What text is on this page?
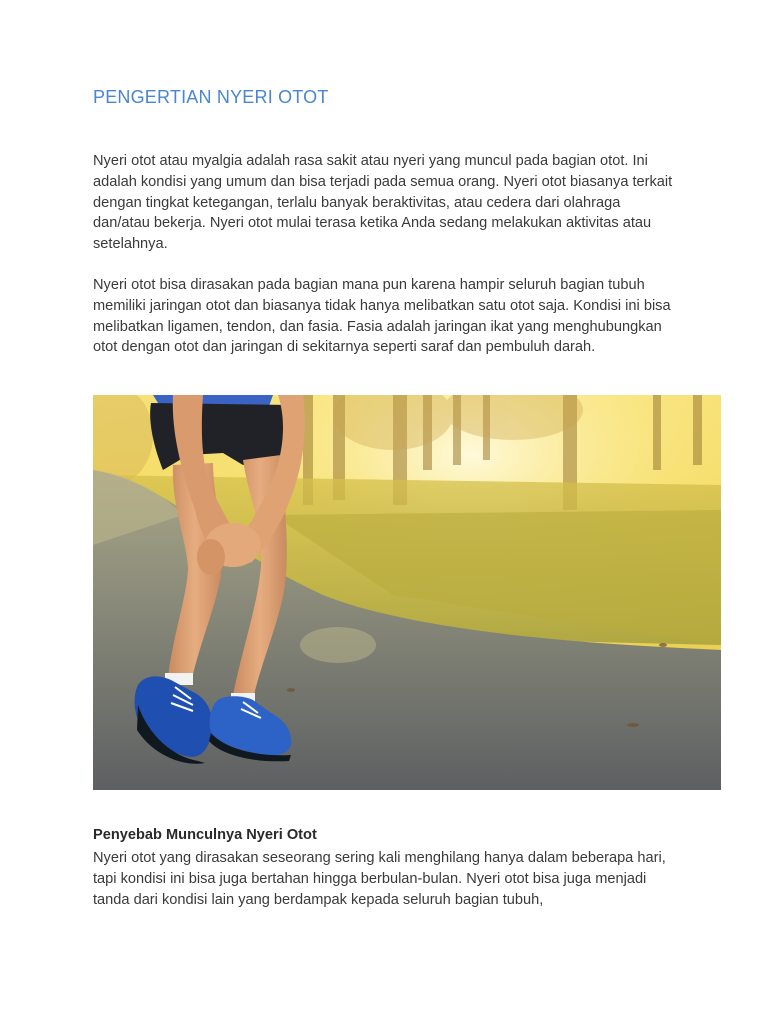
PENGERTIAN NYERI OTOT

Nyeri otot atau myalgia adalah rasa sakit atau nyeri yang muncul pada bagian otot. Ini adalah kondisi yang umum dan bisa terjadi pada semua orang. Nyeri otot biasanya terkait dengan tingkat ketegangan, terlalu banyak beraktivitas, atau cedera dari olahraga dan/atau bekerja. Nyeri otot mulai terasa ketika Anda sedang melakukan aktivitas atau setelahnya.

Nyeri otot bisa dirasakan pada bagian mana pun karena hampir seluruh bagian tubuh memiliki jaringan otot dan biasanya tidak hanya melibatkan satu otot saja. Kondisi ini bisa melibatkan ligamen, tendon, dan fasia. Fasia adalah jaringan ikat yang menghubungkan otot dengan otot dan jaringan di sekitarnya seperti saraf dan pembuluh darah.

Penyebab Munculnya Nyeri Otot

Nyeri otot yang dirasakan seseorang sering kali menghilang hanya dalam beberapa hari, tapi kondisi ini bisa juga bertahan hingga berbulan-bulan. Nyeri otot bisa juga menjadi tanda dari kondisi lain yang berdampak kepada seluruh bagian tubuh,
